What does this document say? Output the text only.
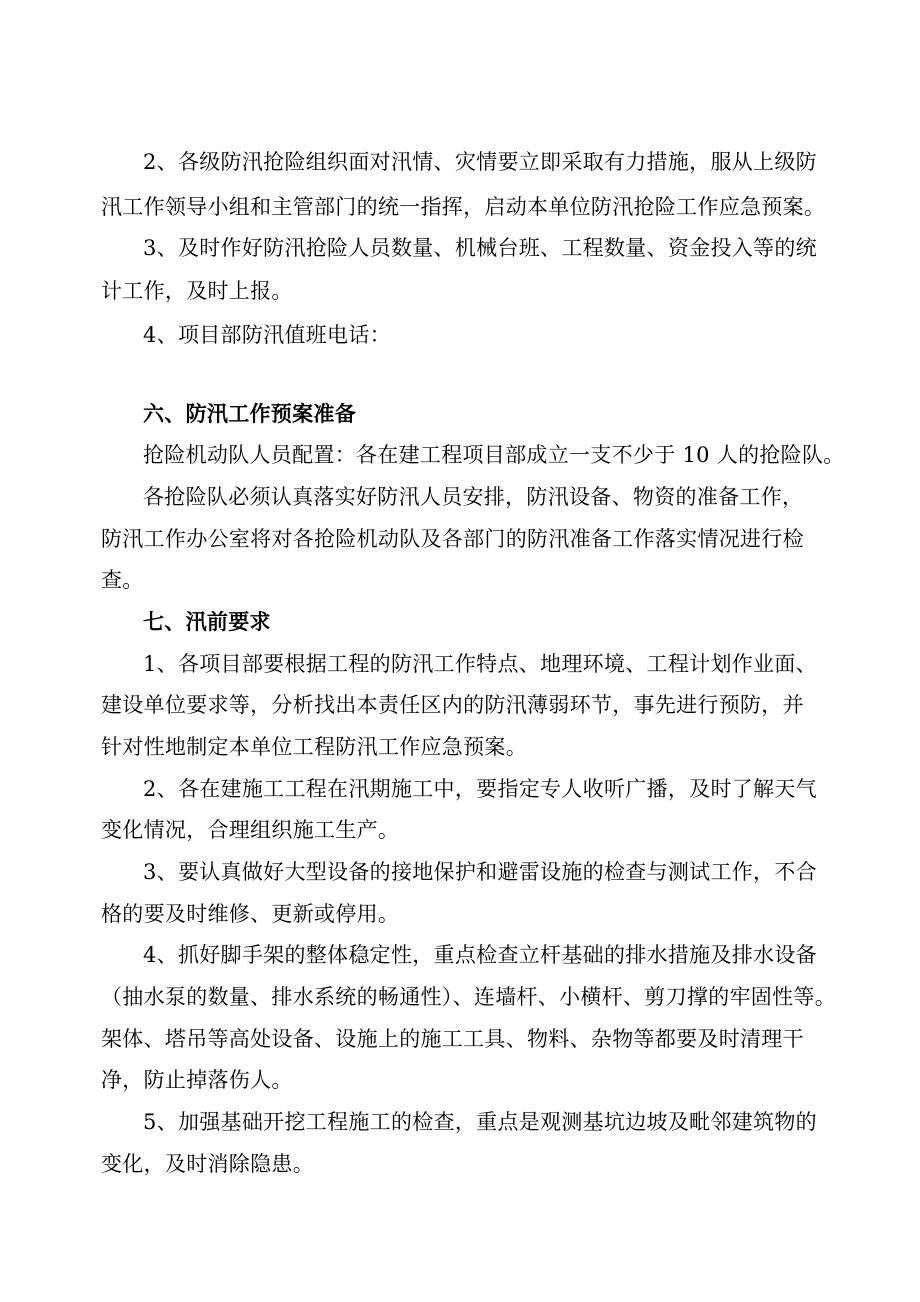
2、各级防汛抢险组织面对汛情、灾情要立即采取有力措施，服从上级防
汛工作领导小组和主管部门的统一指挥，启动本单位防汛抢险工作应急预案。
3、及时作好防汛抢险人员数量、机械台班、工程数量、资金投入等的统
计工作，及时上报。
4、项目部防汛值班电话：
六、防汛工作预案准备
抢险机动队人员配置：各在建工程项目部成立一支不少于 10 人的抢险队。
各抢险队必须认真落实好防汛人员安排，防汛设备、物资的准备工作，
防汛工作办公室将对各抢险机动队及各部门的防汛准备工作落实情况进行检
查。
七、汛前要求
1、各项目部要根据工程的防汛工作特点、地理环境、工程计划作业面、
建设单位要求等，分析找出本责任区内的防汛薄弱环节，事先进行预防，并
针对性地制定本单位工程防汛工作应急预案。
2、各在建施工工程在汛期施工中，要指定专人收听广播，及时了解天气
变化情况，合理组织施工生产。
3、要认真做好大型设备的接地保护和避雷设施的检查与测试工作，不合
格的要及时维修、更新或停用。
4、抓好脚手架的整体稳定性，重点检查立杆基础的排水措施及排水设备
（抽水泵的数量、排水系统的畅通性）、连墙杆、小横杆、剪刀撑的牢固性等。
架体、塔吊等高处设备、设施上的施工工具、物料、杂物等都要及时清理干
净，防止掉落伤人。
5、加强基础开挖工程施工的检查，重点是观测基坑边坡及毗邻建筑物的
变化，及时消除隐患。
